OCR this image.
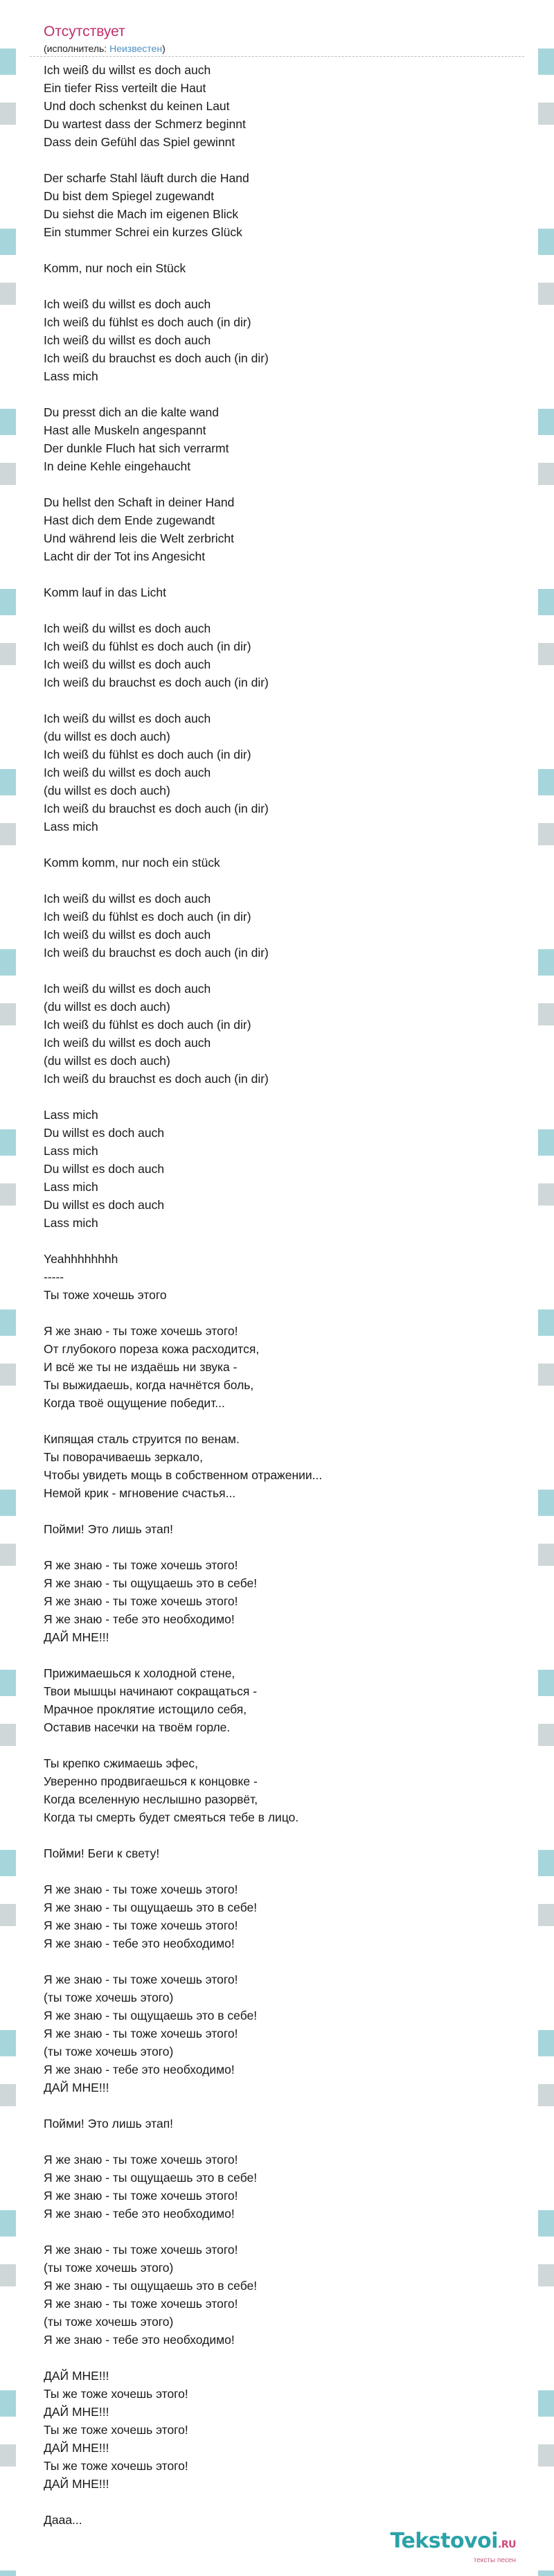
Отсутствует
(исполнитель: Неизвестен)
Ich weiß du willst es doch auch
Ein tiefer Riss verteilt die Haut
Und doch schenkst du keinen Laut
Du wartest dass der Schmerz beginnt
Dass dein Gefühl das Spiel gewinnt
Der scharfe Stahl läuft durch die Hand
Du bist dem Spiegel zugewandt
Du siehst die Mach im eigenen Blick
Ein stummer Schrei ein kurzes Glück
Komm, nur noch ein Stück
Ich weiß du willst es doch auch
Ich weiß du fühlst es doch auch (in dir)
Ich weiß du willst es doch auch
Ich weiß du brauchst es doch auch (in dir)
Lass mich
Du presst dich an die kalte wand
Hast alle Muskeln angespannt
Der dunkle Fluch hat sich verrarmt
In deine Kehle eingehaucht
Du hellst den Schaft in deiner Hand
Hast dich dem Ende zugewandt
Und während leis die Welt zerbricht
Lacht dir der Tot ins Angesicht
Komm lauf in das Licht
Ich weiß du willst es doch auch
Ich weiß du fühlst es doch auch (in dir)
Ich weiß du willst es doch auch
Ich weiß du brauchst es doch auch (in dir)
Ich weiß du willst es doch auch
(du willst es doch auch)
Ich weiß du fühlst es doch auch (in dir)
Ich weiß du willst es doch auch
(du willst es doch auch)
Ich weiß du brauchst es doch auch (in dir)
Lass mich
Komm komm, nur noch ein stück
Ich weiß du willst es doch auch
Ich weiß du fühlst es doch auch (in dir)
Ich weiß du willst es doch auch
Ich weiß du brauchst es doch auch (in dir)
Ich weiß du willst es doch auch
(du willst es doch auch)
Ich weiß du fühlst es doch auch (in dir)
Ich weiß du willst es doch auch
(du willst es doch auch)
Ich weiß du brauchst es doch auch (in dir)
Lass mich
Du willst es doch auch
Lass mich
Du willst es doch auch
Lass mich
Du willst es doch auch
Lass mich
Yeahhhhhhhh
-----
Ты тоже хочешь этого
Я же знаю - ты тоже хочешь этого!
От глубокого пореза кожа расходится,
И всё же ты не издаёшь ни звука -
Ты выжидаешь, когда начнётся боль,
Когда твоё ощущение победит...
Кипящая сталь струится по венам.
Ты поворачиваешь зеркало,
Чтобы увидеть мощь в собственном отражении...
Немой крик - мгновение счастья...
Пойми! Это лишь этап!
Я же знаю - ты тоже хочешь этого!
Я же знаю - ты ощущаешь это в себе!
Я же знаю - ты тоже хочешь этого!
Я же знаю - тебе это необходимо!
ДАЙ МНЕ!!!
Прижимаешься к холодной стене,
Твои мышцы начинают сокращаться -
Мрачное проклятие истощило себя,
Оставив насечки на твоём горле.
Ты крепко сжимаешь эфес,
Уверенно продвигаешься к концовке -
Когда вселенную неслышно разорвёт,
Когда ты смерть будет смеяться тебе в лицо.
Пойми! Беги к свету!
Я же знаю - ты тоже хочешь этого!
Я же знаю - ты ощущаешь это в себе!
Я же знаю - ты тоже хочешь этого!
Я же знаю - тебе это необходимо!
Я же знаю - ты тоже хочешь этого!
(ты тоже хочешь этого)
Я же знаю - ты ощущаешь это в себе!
Я же знаю - ты тоже хочешь этого!
(ты тоже хочешь этого)
Я же знаю - тебе это необходимо!
ДАЙ МНЕ!!!
Пойми! Это лишь этап!
Я же знаю - ты тоже хочешь этого!
Я же знаю - ты ощущаешь это в себе!
Я же знаю - ты тоже хочешь этого!
Я же знаю - тебе это необходимо!
Я же знаю - ты тоже хочешь этого!
(ты тоже хочешь этого)
Я же знаю - ты ощущаешь это в себе!
Я же знаю - ты тоже хочешь этого!
(ты тоже хочешь этого)
Я же знаю - тебе это необходимо!
ДАЙ МНЕ!!!
Ты же тоже хочешь этого!
ДАЙ МНЕ!!!
Ты же тоже хочешь этого!
ДАЙ МНЕ!!!
Ты же тоже хочешь этого!
ДАЙ МНЕ!!!
Дааа...
Tekstovoi.RU
тексты песен
